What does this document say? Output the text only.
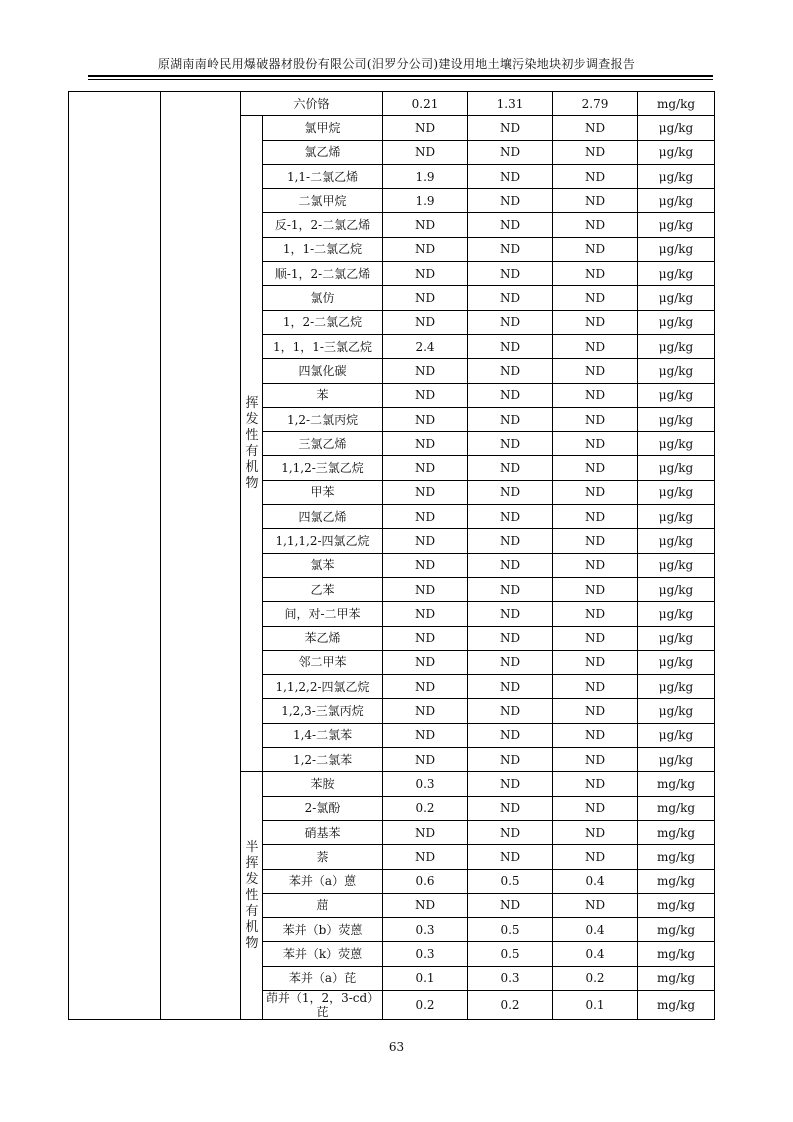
原湖南南岭民用爆破器材股份有限公司(汨罗分公司)建设用地土壤污染地块初步调查报告
		六价铬		0.21	1.31	2.79	mg/kg

		挥发性有机物	氯甲烷	ND	ND	ND	μg/kg
			氯乙烯	ND	ND	ND	μg/kg
			1,1-二氯乙烯	1.9	ND	ND	μg/kg
			二氯甲烷	1.9	ND	ND	μg/kg
			反-1，2-二氯乙烯	ND	ND	ND	μg/kg
			1，1-二氯乙烷	ND	ND	ND	μg/kg
			顺-1，2-二氯乙烯	ND	ND	ND	μg/kg
			氯仿	ND	ND	ND	μg/kg
			1，2-二氯乙烷	ND	ND	ND	μg/kg
			1，1，1-三氯乙烷	2.4	ND	ND	μg/kg
			四氯化碳	ND	ND	ND	μg/kg
			苯	ND	ND	ND	μg/kg
			1,2-二氯丙烷	ND	ND	ND	μg/kg
			三氯乙烯	ND	ND	ND	μg/kg
			1,1,2-三氯乙烷	ND	ND	ND	μg/kg
			甲苯	ND	ND	ND	μg/kg
			四氯乙烯	ND	ND	ND	μg/kg
			1,1,1,2-四氯乙烷	ND	ND	ND	μg/kg
			氯苯	ND	ND	ND	μg/kg
			乙苯	ND	ND	ND	μg/kg
			间，对-二甲苯	ND	ND	ND	μg/kg
			苯乙烯	ND	ND	ND	μg/kg
			邻二甲苯	ND	ND	ND	μg/kg
			1,1,2,2-四氯乙烷	ND	ND	ND	μg/kg
			1,2,3-三氯丙烷	ND	ND	ND	μg/kg
			1,4-二氯苯	ND	ND	ND	μg/kg
			1,2-二氯苯	ND	ND	ND	μg/kg

		半挥发性有机物	苯胺	0.3	ND	ND	mg/kg
			2-氯酚	0.2	ND	ND	mg/kg
			硝基苯	ND	ND	ND	mg/kg
			萘	ND	ND	ND	mg/kg
			苯并（a）蒽	0.6	0.5	0.4	mg/kg
			䓛	ND	ND	ND	mg/kg
			苯并（b）荧蒽	0.3	0.5	0.4	mg/kg
			苯并（k）荧蒽	0.3	0.5	0.4	mg/kg
			苯并（a）芘	0.1	0.3	0.2	mg/kg
			茚并（1，2，3-cd）芘	0.2	0.2	0.1	mg/kg
63
